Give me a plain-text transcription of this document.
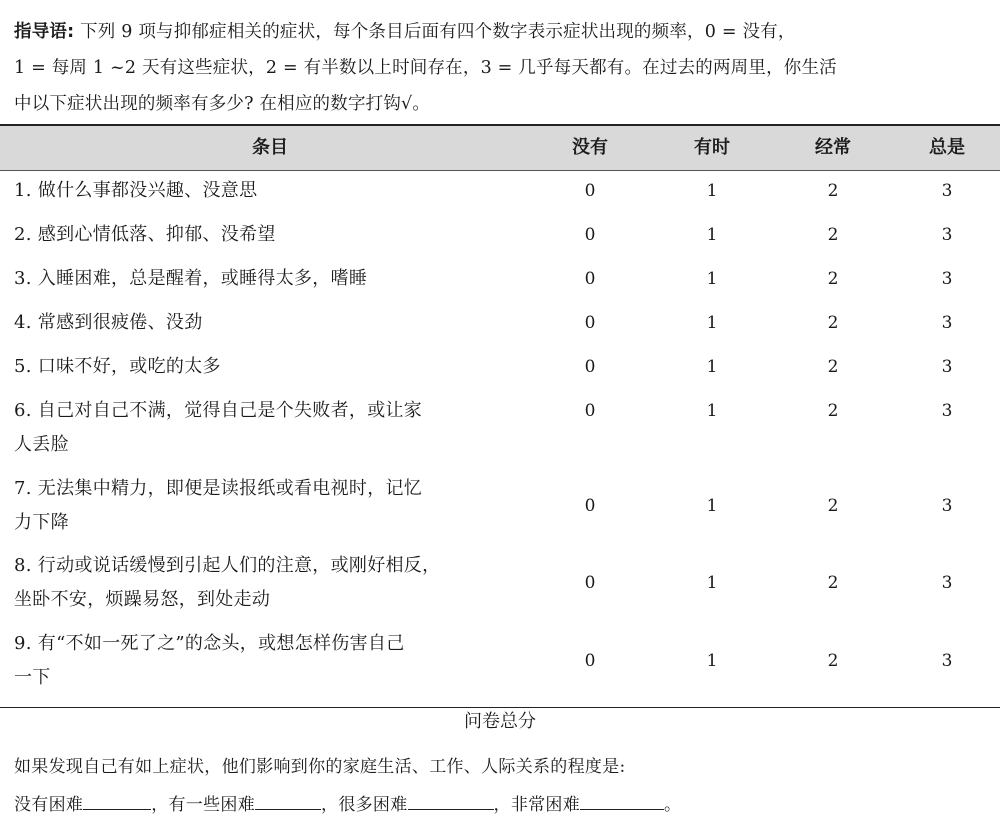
指导语: 下列 9 项与抑郁症相关的症状，每个条目后面有四个数字表示症状出现的频率，0 = 没有，
1 = 每周 1 ~2 天有这些症状，2 = 有半数以上时间存在，3 = 几乎每天都有。在过去的两周里，你生活
中以下症状出现的频率有多少? 在相应的数字打钩√。
条目	没有	有时	经常	总是
1. 做什么事都没兴趣、没意思	0	1	2	3
2. 感到心情低落、抑郁、没希望	0	1	2	3
3. 入睡困难，总是醒着，或睡得太多，嗜睡	0	1	2	3
4. 常感到很疲倦、没劲	0	1	2	3
5. 口味不好，或吃的太多	0	1	2	3
6. 自己对自己不满，觉得自己是个失败者，或让家
人丢脸
0	1	2	3
7. 无法集中精力，即便是读报纸或看电视时，记忆
力下降
0	1	2	3
8. 行动或说话缓慢到引起人们的注意，或刚好相反，
坐卧不安，烦躁易怒，到处走动
0	1	2	3
9. 有“不如一死了之”的念头，或想怎样伤害自己
一下
0	1	2	3
问卷总分
如果发现自己有如上症状，他们影响到你的家庭生活、工作、人际关系的程度是:
没有困难	，有一些困难	，很多困难	，非常困难	。
